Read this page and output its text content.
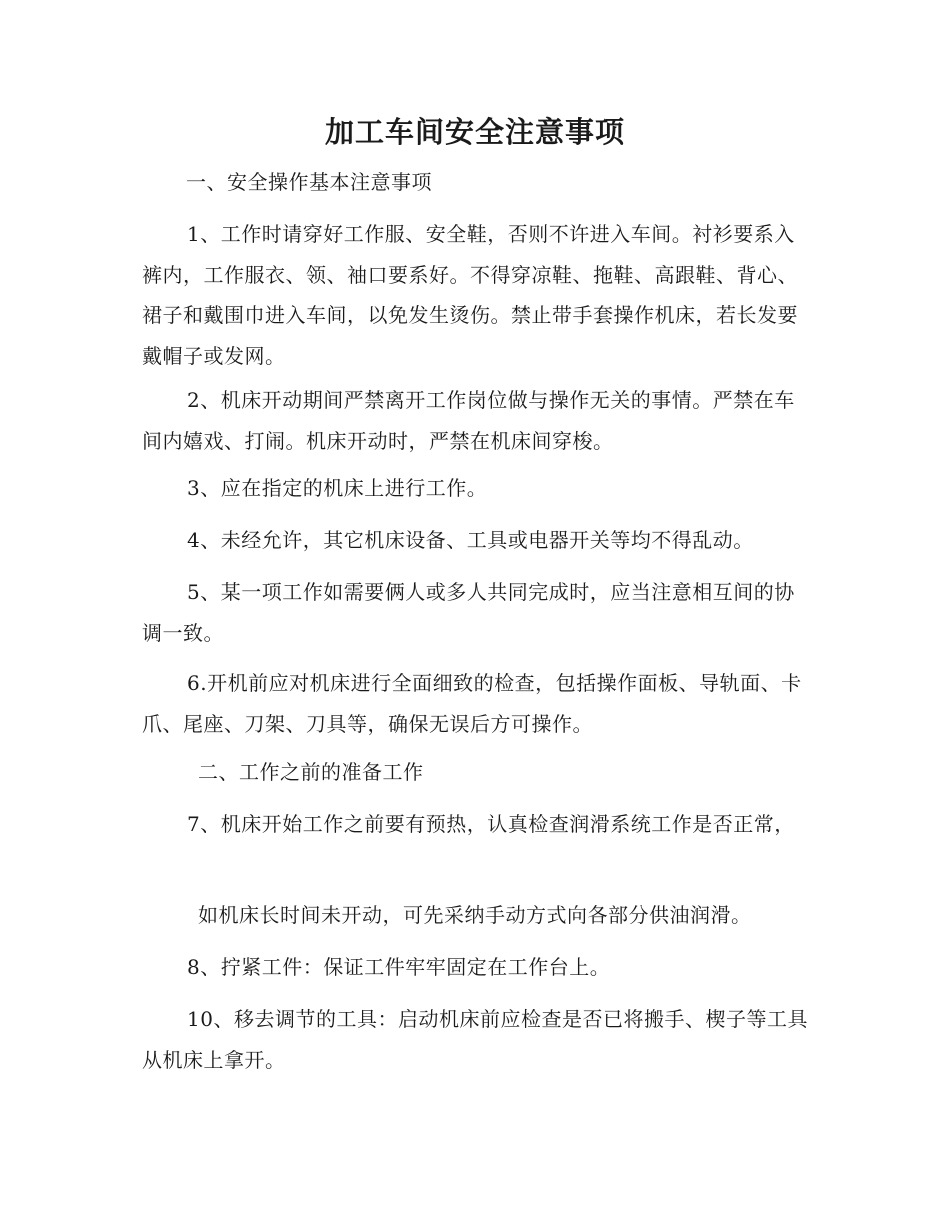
加工车间安全注意事项

一、安全操作基本注意事项

1、工作时请穿好工作服、安全鞋，否则不许进入车间。衬衫要系入裤内，工作服衣、领、袖口要系好。不得穿凉鞋、拖鞋、高跟鞋、背心、裙子和戴围巾进入车间，以免发生烫伤。禁止带手套操作机床，若长发要戴帽子或发网。

2、机床开动期间严禁离开工作岗位做与操作无关的事情。严禁在车间内嬉戏、打闹。机床开动时，严禁在机床间穿梭。

3、应在指定的机床上进行工作。

4、未经允许，其它机床设备、工具或电器开关等均不得乱动。

5、某一项工作如需要俩人或多人共同完成时，应当注意相互间的协调一致。

6.开机前应对机床进行全面细致的检查，包括操作面板、导轨面、卡爪、尾座、刀架、刀具等，确保无误后方可操作。

二、工作之前的准备工作

7、机床开始工作之前要有预热，认真检查润滑系统工作是否正常，

如机床长时间未开动，可先采纳手动方式向各部分供油润滑。

8、拧紧工件：保证工件牢牢固定在工作台上。

10、移去调节的工具：启动机床前应检查是否已将搬手、楔子等工具从机床上拿开。
